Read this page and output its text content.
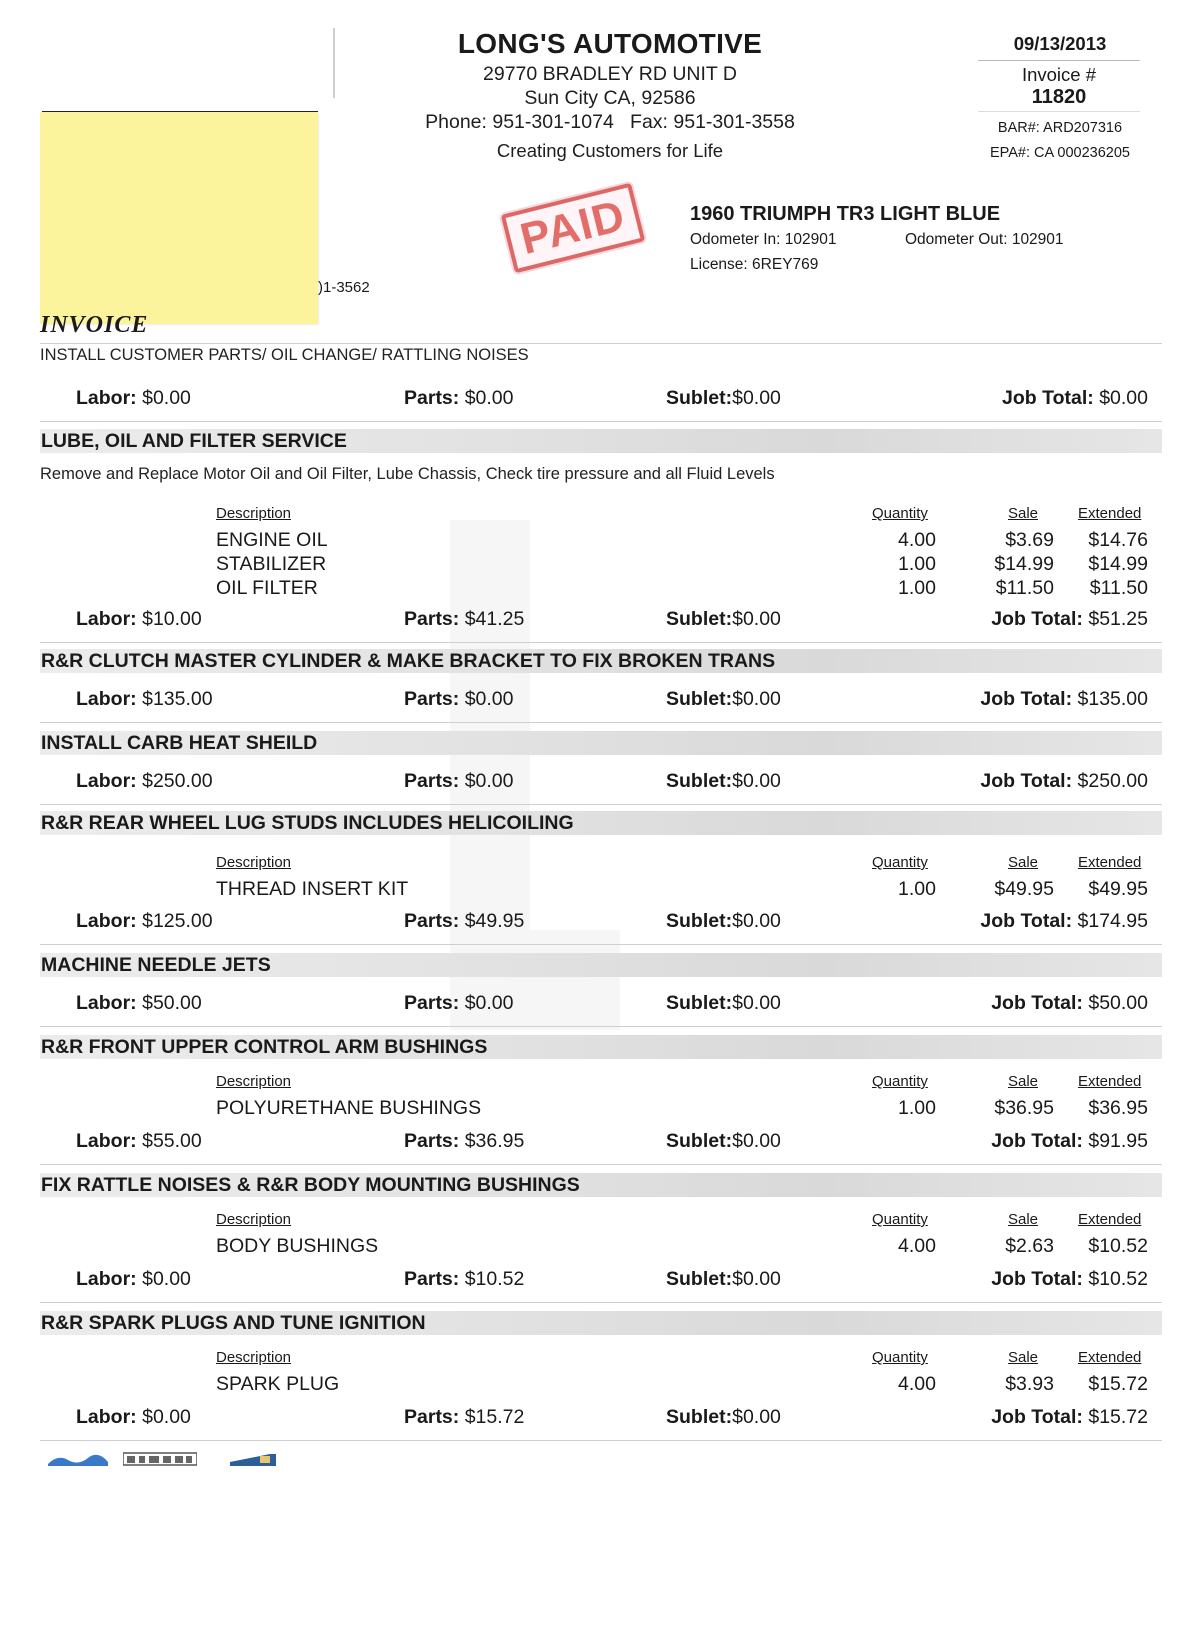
LONG'S AUTOMOTIVE
29770 BRADLEY RD UNIT D
Sun City CA, 92586
Phone: 951-301-1074   Fax: 951-301-3558
Creating Customers for Life
09/13/2013
Invoice #
11820
BAR#: ARD207316
EPA#: CA 000236205
)1-3562
PAID	1960 TRIUMPH TR3 LIGHT BLUE
Odometer In: 102901	Odometer Out: 102901
License: 6REY769
INVOICE
INSTALL CUSTOMER PARTS/ OIL CHANGE/ RATTLING NOISES
Labor: $0.00	Parts: $0.00	Sublet:$0.00	Job Total: $0.00
LUBE, OIL AND FILTER SERVICE
Remove and Replace Motor Oil and Oil Filter, Lube Chassis, Check tire pressure and all Fluid Levels
Description	Quantity	Sale	Extended
ENGINE OIL	4.00	$3.69	$14.76
STABILIZER	1.00	$14.99	$14.99
OIL FILTER	1.00	$11.50	$11.50
Labor: $10.00	Parts: $41.25	Sublet:$0.00	Job Total: $51.25
R&R CLUTCH MASTER CYLINDER & MAKE BRACKET TO FIX BROKEN TRANS
Labor: $135.00	Parts: $0.00	Sublet:$0.00	Job Total: $135.00
INSTALL CARB HEAT SHEILD
Labor: $250.00	Parts: $0.00	Sublet:$0.00	Job Total: $250.00
R&R REAR WHEEL LUG STUDS INCLUDES HELICOILING
Description	Quantity	Sale	Extended
THREAD INSERT KIT	1.00	$49.95	$49.95
Labor: $125.00	Parts: $49.95	Sublet:$0.00	Job Total: $174.95
MACHINE NEEDLE JETS
Labor: $50.00	Parts: $0.00	Sublet:$0.00	Job Total: $50.00
R&R FRONT UPPER CONTROL ARM BUSHINGS
Description	Quantity	Sale	Extended
POLYURETHANE BUSHINGS	1.00	$36.95	$36.95
Labor: $55.00	Parts: $36.95	Sublet:$0.00	Job Total: $91.95
FIX RATTLE NOISES & R&R BODY MOUNTING BUSHINGS
Description	Quantity	Sale	Extended
BODY BUSHINGS	4.00	$2.63	$10.52
Labor: $0.00	Parts: $10.52	Sublet:$0.00	Job Total: $10.52
R&R SPARK PLUGS AND TUNE IGNITION
Description	Quantity	Sale	Extended
SPARK PLUG	4.00	$3.93	$15.72
Labor: $0.00	Parts: $15.72	Sublet:$0.00	Job Total: $15.72
